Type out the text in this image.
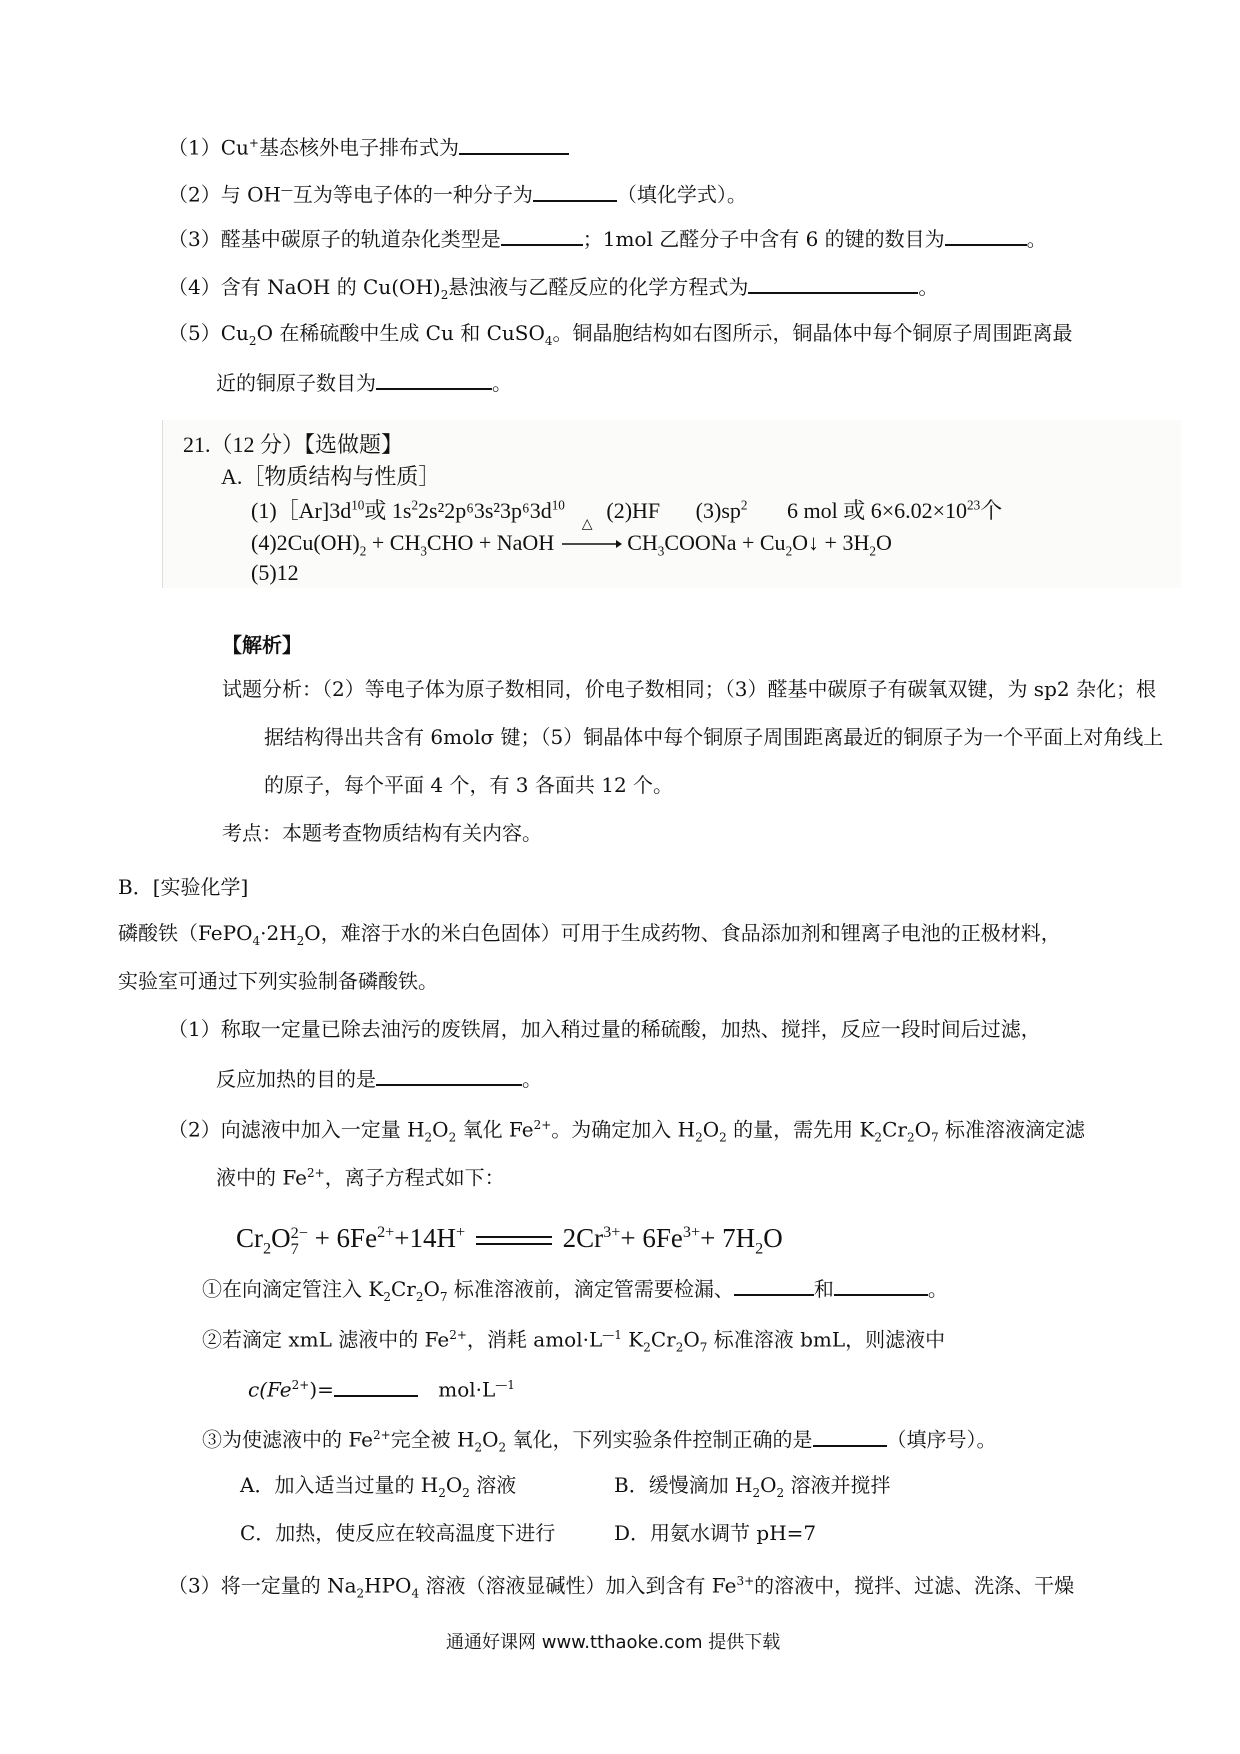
（1）Cu+基态核外电子排布式为
（2）与 OH—互为等电子体的一种分子为	（填化学式）。
（3）醛基中碳原子的轨道杂化类型是	；1mol 乙醛分子中含有 6 的键的数目为	。
（4）含有 NaOH 的 $Cu(OH)_2$悬浊液与乙醛反应的化学方程式为	。
$(5)Cu_2O$ 在稀硫酸中生成 Cu 和 CuSO$_4$。铜晶胞结构如右图所示，铜晶体中每个铜原子周围距离最
近的铜原子数目为	。
21.（12 分）【选做题】
A.［物质结构与性质］
$(1)[Ar]3d^{10}$或 $1s^22s^22p^63s^23p^63d^{10}$ (2)HF $(3)sp^2$ 6 mol 或 $6\times 6.02\times 10^{23}$个
$(4)2Cu(OH)_2 + CH_3CHO$ + NaOH
△
$CH_3COONa$ + $Cu_2O↓ + 3H_2O$
(5)12
【解析】
试题分析：（2）等电子体为原子数相同，价电子数相同；（3）醛基中碳原子有碳氧双键，为 sp2 杂化；根
据结构得出共含有 6molσ 键；（5）铜晶体中每个铜原子周围距离最近的铜原子为一个平面上对角线上
的原子，每个平面 4 个，有 3 各面共 12 个。
考点：本题考查物质结构有关内容。
B．[实验化学]
磷酸铁（$FePO_4\cdot 2H_2O$，难溶于水的米白色固体）可用于生成药物、食品添加剂和锂离子电池的正极材料，
实验室可通过下列实验制备磷酸铁。
（1）称取一定量已除去油污的废铁屑，加入稍过量的稀硫酸，加热、搅拌，反应一段时间后过滤，
反应加热的目的是	。
（2）向滤液中加入一定量 $H_2O_2$ 氧化 $Fe^{2+}$。为确定加入 $H_2O_2$ 的量，需先用 $K_2Cr_2O_7$ 标准溶液滴定滤
液中的 $Fe^{2+}$，离子方程式如下：
$Cr_2O$ 2−
$7 + 6Fe^{2+}+14H^+$	$2Cr^{3+}+ 6Fe^{3+}+ 7H_2O$
①在向滴定管注入 $K_2Cr_2O_7$ 标准溶液前，滴定管需要检漏、	和	。
②若滴定 xmL 滤液中的 $Fe^{2+}$，消耗 $amol\cdot L^{—1}$ $K_2Cr_2O_7$ 标准溶液 bmL，则滤液中
$c(Fe^{2+})=$	$mol\cdot L^{—1}$
③为使滤液中的 $Fe^{2+}$完全被 $H_2O_2$ 氧化，下列实验条件控制正确的是	（填序号）。
A．加入适当过量的 $H_2O_2$ 溶液	B．缓慢滴加 $H_2O_2$ 溶液并搅拌
C．加热，使反应在较高温度下进行	D．用氨水调节 pH=7
（3）将一定量的 $Na_2HPO_4$ 溶液（溶液显碱性）加入到含有 $Fe^{3+}$的溶液中，搅拌、过滤、洗涤、干燥
通通好课网 www.tthaoke.com 提供下载
